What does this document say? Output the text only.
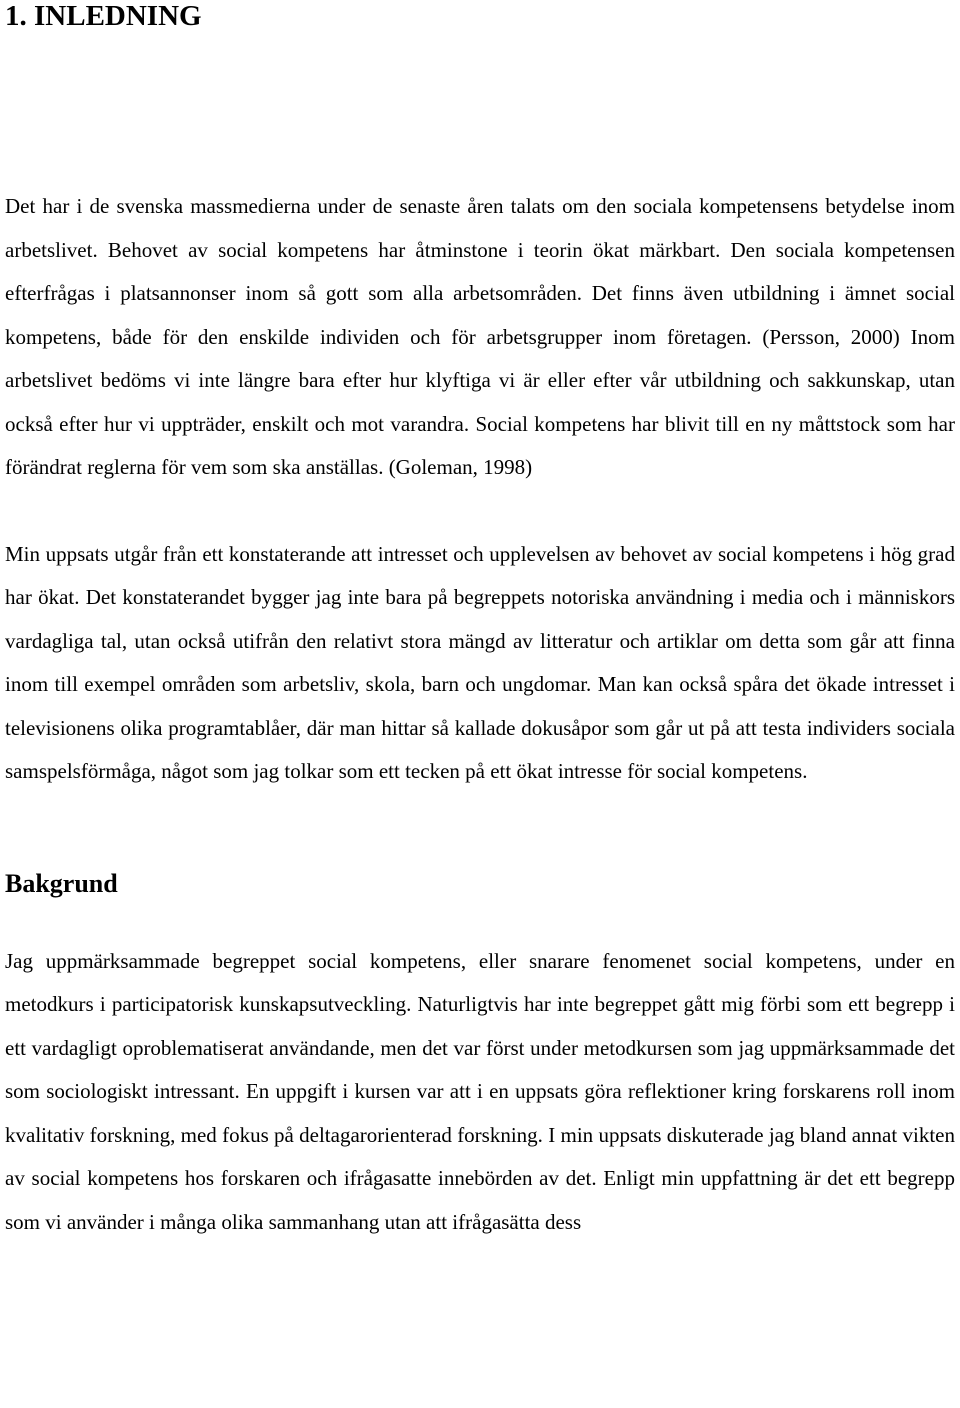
1. INLEDNING

Det har i de svenska massmedierna under de senaste åren talats om den sociala kompetensens betydelse inom arbetslivet. Behovet av social kompetens har åtminstone i teorin ökat märkbart. Den sociala kompetensen efterfrågas i platsannonser inom så gott som alla arbetsområden. Det finns även utbildning i ämnet social kompetens, både för den enskilde individen och för arbetsgrupper inom företagen. (Persson, 2000) Inom arbetslivet bedöms vi inte längre bara efter hur klyftiga vi är eller efter vår utbildning och sakkunskap, utan också efter hur vi uppträder, enskilt och mot varandra. Social kompetens har blivit till en ny måttstock som har förändrat reglerna för vem som ska anställas. (Goleman, 1998)

Min uppsats utgår från ett konstaterande att intresset och upplevelsen av behovet av social kompetens i hög grad har ökat. Det konstaterandet bygger jag inte bara på begreppets notoriska användning i media och i människors vardagliga tal, utan också utifrån den relativt stora mängd av litteratur och artiklar om detta som går att finna inom till exempel områden som arbetsliv, skola, barn och ungdomar. Man kan också spåra det ökade intresset i televisionens olika programtablåer, där man hittar så kallade dokusåpor som går ut på att testa individers sociala samspelsförmåga, något som jag tolkar som ett tecken på ett ökat intresse för social kompetens.

Bakgrund

Jag uppmärksammade begreppet social kompetens, eller snarare fenomenet social kompetens, under en metodkurs i participatorisk kunskapsutveckling. Naturligtvis har inte begreppet gått mig förbi som ett begrepp i ett vardagligt oproblematiserat användande, men det var först under metodkursen som jag uppmärksammade det som sociologiskt intressant. En uppgift i kursen var att i en uppsats göra reflektioner kring forskarens roll inom kvalitativ forskning, med fokus på deltagarorienterad forskning. I min uppsats diskuterade jag bland annat vikten av social kompetens hos forskaren och ifrågasatte innebörden av det. Enligt min uppfattning är det ett begrepp som vi använder i många olika sammanhang utan att ifrågasätta dess
